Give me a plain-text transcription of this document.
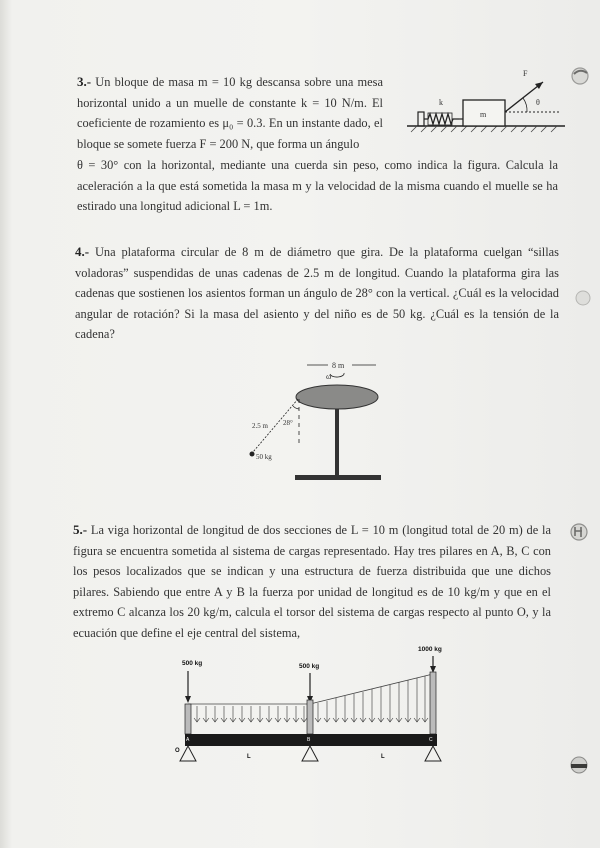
3.- Un bloque de masa m = 10 kg descansa sobre una mesa horizontal unido a un muelle de constante k = 10 N/m. El coeficiente de rozamiento es μ₀ = 0.3. En un instante dado, el bloque se somete fuerza F = 200 N, que forma un ángulo

k
m
F
θ

θ = 30° con la horizontal, mediante una cuerda sin peso, como indica la figura. Calcula la aceleración a la que está sometida la masa m y la velocidad de la misma cuando el muelle se ha estirado una longitud adicional L = 1m.

4.- Una plataforma circular de 8 m de diámetro que gira. De la plataforma cuelgan “sillas voladoras” suspendidas de unas cadenas de 2.5 m de longitud. Cuando la plataforma gira las cadenas que sostienen los asientos forman un ángulo de 28° con la vertical. ¿Cuál es la velocidad angular de rotación? Si la masa del asiento y del niño es de 50 kg. ¿Cuál es la tensión de la cadena?

8 m
ω
2.5 m 28°
50 kg

5.- La viga horizontal de longitud de dos secciones de L = 10 m (longitud total de 20 m) de la figura se encuentra sometida al sistema de cargas representado. Hay tres pilares en A, B, C con los pesos localizados que se indican y una estructura de fuerza distribuida que une dichos pilares. Sabiendo que entre A y B la fuerza por unidad de longitud es de 10 kg/m y que en el extremo C alcanza los 20 kg/m, calcula el torsor del sistema de cargas respecto al punto O, y la ecuación que define el eje central del sistema,

500 kg	500 kg
1000 kg
A	B	C
O
L	L
